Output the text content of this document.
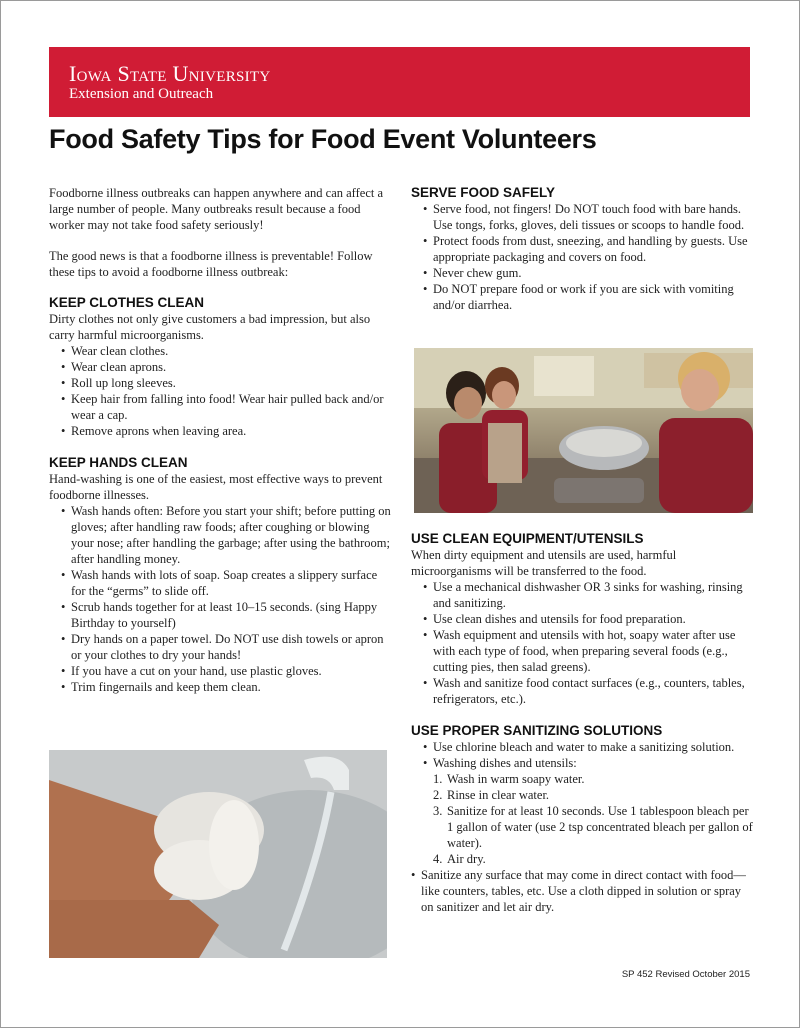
Iowa State University
Extension and Outreach
Food Safety Tips for Food Event Volunteers

Foodborne illness outbreaks can happen anywhere and can affect a large number of people. Many outbreaks result because a food worker may not take food safety seriously!

The good news is that a foodborne illness is preventable! Follow these tips to avoid a foodborne illness outbreak:

KEEP CLOTHES CLEAN
Dirty clothes not only give customers a bad impression, but also carry harmful microorganisms.
• Wear clean clothes.
• Wear clean aprons.
• Roll up long sleeves.
• Keep hair from falling into food! Wear hair pulled back and/or wear a cap.
• Remove aprons when leaving area.
KEEP HANDS CLEAN
Hand-washing is one of the easiest, most effective ways to prevent foodborne illnesses.
• Wash hands often: Before you start your shift; before putting on gloves; after handling raw foods; after coughing or blowing your nose; after handling the garbage; after using the bathroom; after handling money.
• Wash hands with lots of soap. Soap creates a slippery surface for the “germs” to slide off.
• Scrub hands together for at least 10–15 seconds. (sing Happy Birthday to yourself)
• Dry hands on a paper towel. Do NOT use dish towels or apron or your clothes to dry your hands!
• If you have a cut on your hand, use plastic gloves.
• Trim fingernails and keep them clean.
SERVE FOOD SAFELY
• Serve food, not fingers! Do NOT touch food with bare hands. Use tongs, forks, gloves, deli tissues or scoops to handle food.
• Protect foods from dust, sneezing, and handling by guests. Use appropriate packaging and covers on food.
• Never chew gum.
• Do NOT prepare food or work if you are sick with vomiting and/or diarrhea.
USE CLEAN EQUIPMENT/UTENSILS
When dirty equipment and utensils are used, harmful microorganisms will be transferred to the food.
• Use a mechanical dishwasher OR 3 sinks for washing, rinsing and sanitizing.
• Use clean dishes and utensils for food preparation.
• Wash equipment and utensils with hot, soapy water after use with each type of food, when preparing several foods (e.g., cutting pies, then salad greens).
• Wash and sanitize food contact surfaces (e.g., counters, tables, refrigerators, etc.).
USE PROPER SANITIZING SOLUTIONS
• Use chlorine bleach and water to make a sanitizing solution.
• Washing dishes and utensils:
1. Wash in warm soapy water.
2. Rinse in clear water.
3. Sanitize for at least 10 seconds. Use 1 tablespoon bleach per 1 gallon of water (use 2 tsp concentrated bleach per gallon of water).
4. Air dry.
• Sanitize any surface that may come in direct contact with food—like counters, tables, etc. Use a cloth dipped in solution or spray on sanitizer and let air dry.
SP 452 Revised October 2015
